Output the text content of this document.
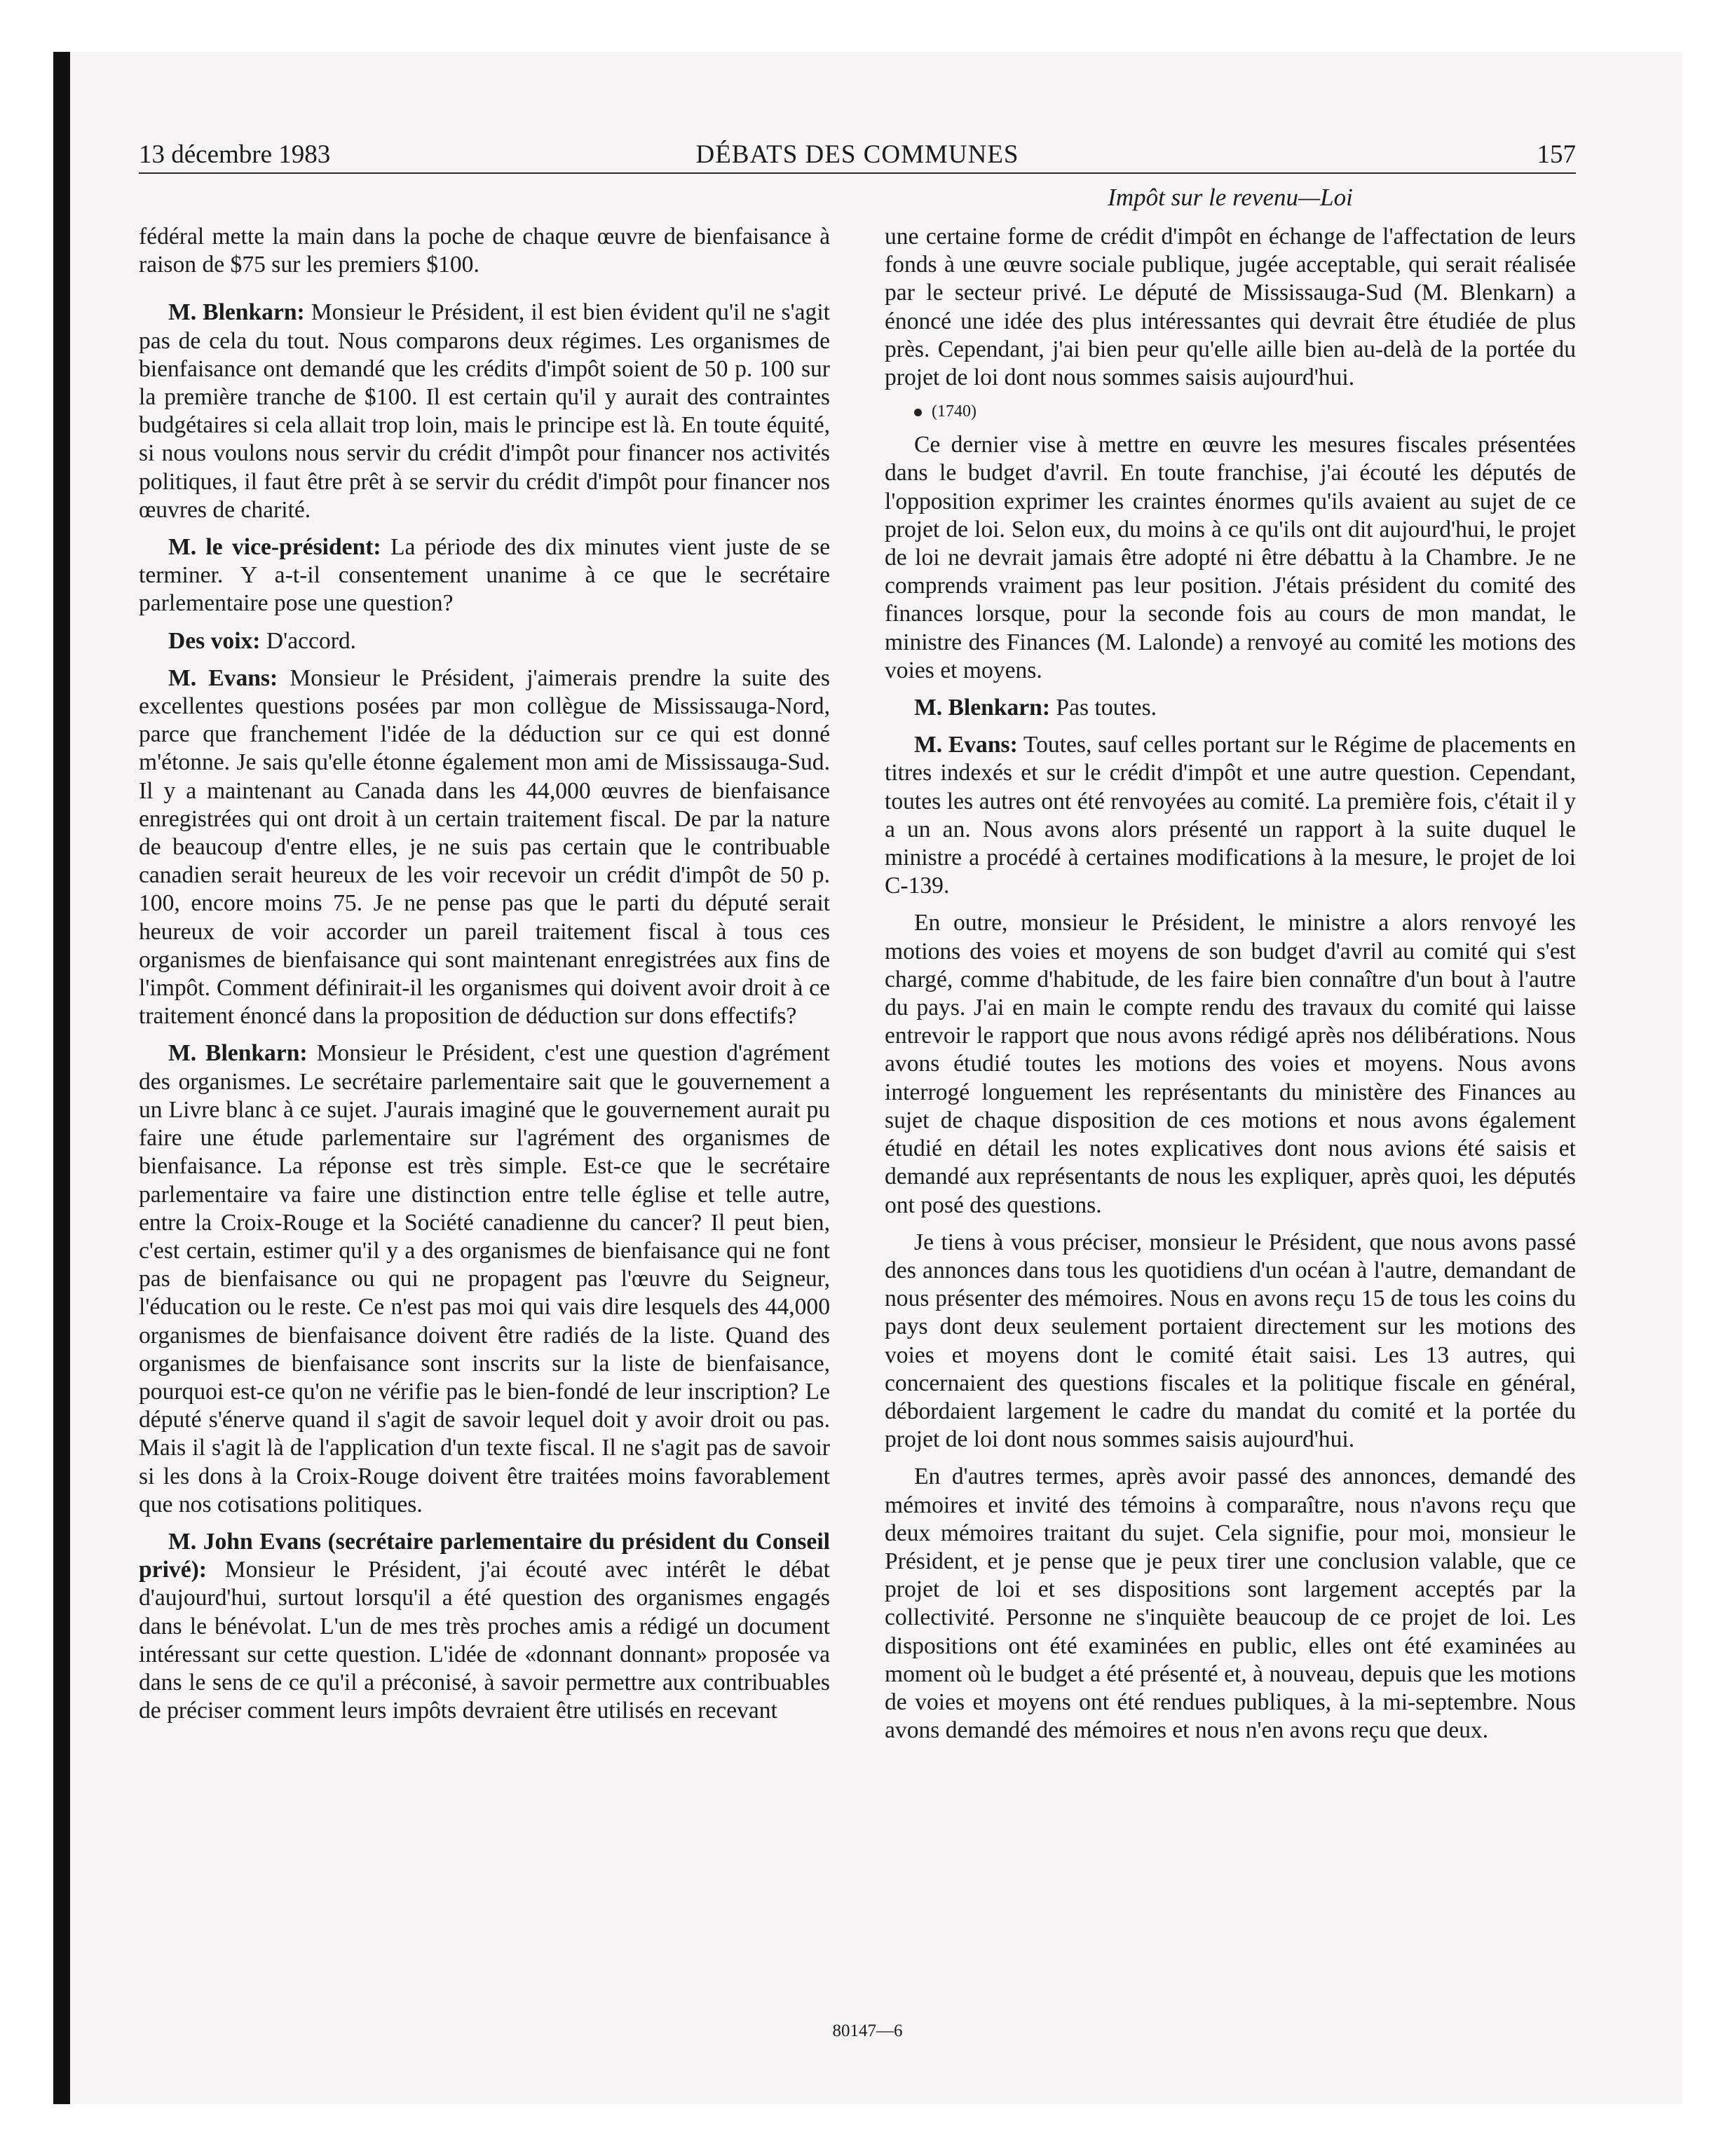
13 décembre 1983	DÉBATS DES COMMUNES	157
Impôt sur le revenu—Loi

fédéral mette la main dans la poche de chaque œuvre de bienfaisance à raison de $75 sur les premiers $100.

M. Blenkarn: Monsieur le Président, il est bien évident qu'il ne s'agit pas de cela du tout. Nous comparons deux régimes. Les organismes de bienfaisance ont demandé que les crédits d'impôt soient de 50 p. 100 sur la première tranche de $100. Il est certain qu'il y aurait des contraintes budgétaires si cela allait trop loin, mais le principe est là. En toute équité, si nous voulons nous servir du crédit d'impôt pour financer nos activités politiques, il faut être prêt à se servir du crédit d'impôt pour financer nos œuvres de charité.

M. le vice-président: La période des dix minutes vient juste de se terminer. Y a-t-il consentement unanime à ce que le secrétaire parlementaire pose une question?

Des voix: D'accord.

M. Evans: Monsieur le Président, j'aimerais prendre la suite des excellentes questions posées par mon collègue de Mississauga-Nord, parce que franchement l'idée de la déduction sur ce qui est donné m'étonne. Je sais qu'elle étonne également mon ami de Mississauga-Sud. Il y a maintenant au Canada dans les 44,000 œuvres de bienfaisance enregistrées qui ont droit à un certain traitement fiscal. De par la nature de beaucoup d'entre elles, je ne suis pas certain que le contribuable canadien serait heureux de les voir recevoir un crédit d'impôt de 50 p. 100, encore moins 75. Je ne pense pas que le parti du député serait heureux de voir accorder un pareil traitement fiscal à tous ces organismes de bienfaisance qui sont maintenant enregistrées aux fins de l'impôt. Comment définirait-il les organismes qui doivent avoir droit à ce traitement énoncé dans la proposition de déduction sur dons effectifs?

M. Blenkarn: Monsieur le Président, c'est une question d'agrément des organismes. Le secrétaire parlementaire sait que le gouvernement a un Livre blanc à ce sujet. J'aurais imaginé que le gouvernement aurait pu faire une étude parlementaire sur l'agrément des organismes de bienfaisance. La réponse est très simple. Est-ce que le secrétaire parlementaire va faire une distinction entre telle église et telle autre, entre la Croix-Rouge et la Société canadienne du cancer? Il peut bien, c'est certain, estimer qu'il y a des organismes de bienfaisance qui ne font pas de bienfaisance ou qui ne propagent pas l'œuvre du Seigneur, l'éducation ou le reste. Ce n'est pas moi qui vais dire lesquels des 44,000 organismes de bienfaisance doivent être radiés de la liste. Quand des organismes de bienfaisance sont inscrits sur la liste de bienfaisance, pourquoi est-ce qu'on ne vérifie pas le bien-fondé de leur inscription? Le député s'énerve quand il s'agit de savoir lequel doit y avoir droit ou pas. Mais il s'agit là de l'application d'un texte fiscal. Il ne s'agit pas de savoir si les dons à la Croix-Rouge doivent être traitées moins favorablement que nos cotisations politiques.

M. John Evans (secrétaire parlementaire du président du Conseil privé): Monsieur le Président, j'ai écouté avec intérêt le débat d'aujourd'hui, surtout lorsqu'il a été question des organismes engagés dans le bénévolat. L'un de mes très proches amis a rédigé un document intéressant sur cette question. L'idée de «donnant donnant» proposée va dans le sens de ce qu'il a préconisé, à savoir permettre aux contribuables de préciser comment leurs impôts devraient être utilisés en recevant

une certaine forme de crédit d'impôt en échange de l'affectation de leurs fonds à une œuvre sociale publique, jugée acceptable, qui serait réalisée par le secteur privé. Le député de Mississauga-Sud (M. Blenkarn) a énoncé une idée des plus intéressantes qui devrait être étudiée de plus près. Cependant, j'ai bien peur qu'elle aille bien au-delà de la portée du projet de loi dont nous sommes saisis aujourd'hui.

(1740)

Ce dernier vise à mettre en œuvre les mesures fiscales présentées dans le budget d'avril. En toute franchise, j'ai écouté les députés de l'opposition exprimer les craintes énormes qu'ils avaient au sujet de ce projet de loi. Selon eux, du moins à ce qu'ils ont dit aujourd'hui, le projet de loi ne devrait jamais être adopté ni être débattu à la Chambre. Je ne comprends vraiment pas leur position. J'étais président du comité des finances lorsque, pour la seconde fois au cours de mon mandat, le ministre des Finances (M. Lalonde) a renvoyé au comité les motions des voies et moyens.

M. Blenkarn: Pas toutes.

M. Evans: Toutes, sauf celles portant sur le Régime de placements en titres indexés et sur le crédit d'impôt et une autre question. Cependant, toutes les autres ont été renvoyées au comité. La première fois, c'était il y a un an. Nous avons alors présenté un rapport à la suite duquel le ministre a procédé à certaines modifications à la mesure, le projet de loi C-139.

En outre, monsieur le Président, le ministre a alors renvoyé les motions des voies et moyens de son budget d'avril au comité qui s'est chargé, comme d'habitude, de les faire bien connaître d'un bout à l'autre du pays. J'ai en main le compte rendu des travaux du comité qui laisse entrevoir le rapport que nous avons rédigé après nos délibérations. Nous avons étudié toutes les motions des voies et moyens. Nous avons interrogé longuement les représentants du ministère des Finances au sujet de chaque disposition de ces motions et nous avons également étudié en détail les notes explicatives dont nous avions été saisis et demandé aux représentants de nous les expliquer, après quoi, les députés ont posé des questions.

Je tiens à vous préciser, monsieur le Président, que nous avons passé des annonces dans tous les quotidiens d'un océan à l'autre, demandant de nous présenter des mémoires. Nous en avons reçu 15 de tous les coins du pays dont deux seulement portaient directement sur les motions des voies et moyens dont le comité était saisi. Les 13 autres, qui concernaient des questions fiscales et la politique fiscale en général, débordaient largement le cadre du mandat du comité et la portée du projet de loi dont nous sommes saisis aujourd'hui.

En d'autres termes, après avoir passé des annonces, demandé des mémoires et invité des témoins à comparaître, nous n'avons reçu que deux mémoires traitant du sujet. Cela signifie, pour moi, monsieur le Président, et je pense que je peux tirer une conclusion valable, que ce projet de loi et ses dispositions sont largement acceptés par la collectivité. Personne ne s'inquiète beaucoup de ce projet de loi. Les dispositions ont été examinées en public, elles ont été examinées au moment où le budget a été présenté et, à nouveau, depuis que les motions de voies et moyens ont été rendues publiques, à la mi-septembre. Nous avons demandé des mémoires et nous n'en avons reçu que deux.

80147—6
